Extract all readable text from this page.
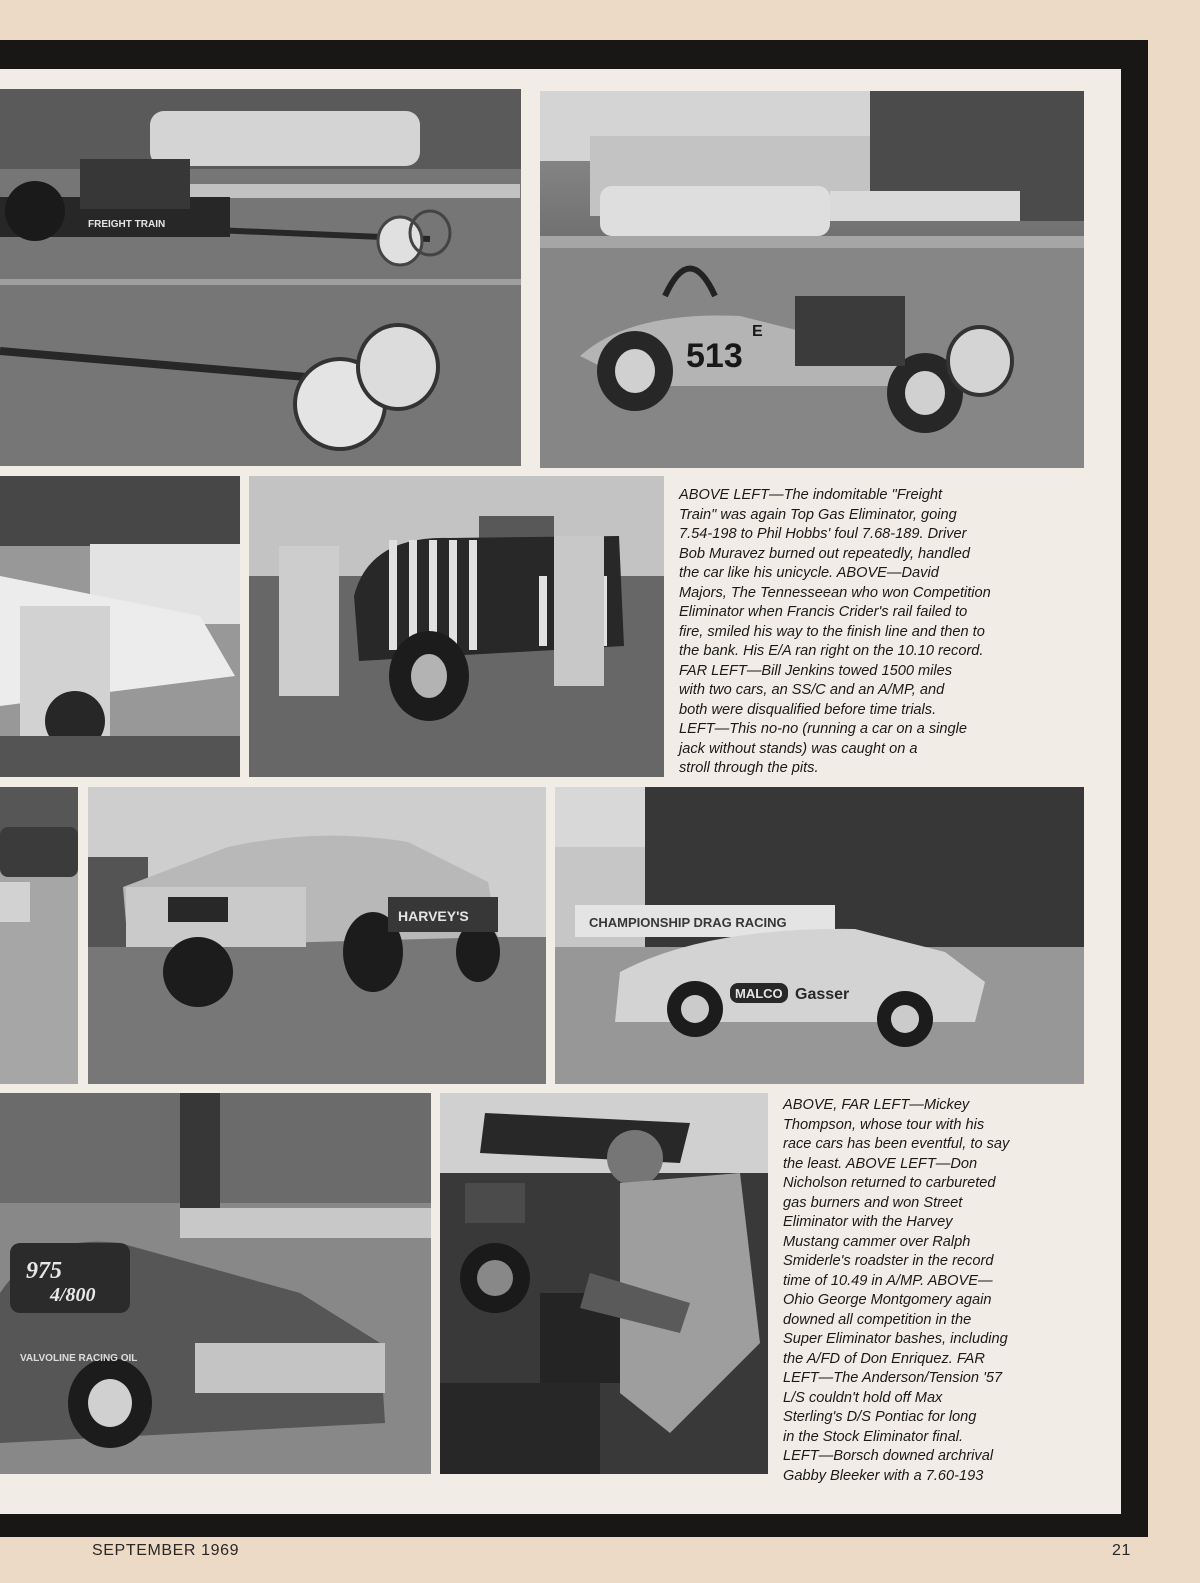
FREIGHT TRAIN
513
E

ABOVE LEFT—The indomitable "Freight
Train" was again Top Gas Eliminator, going
7.54-198 to Phil Hobbs' foul 7.68-189. Driver
Bob Muravez burned out repeatedly, handled
the car like his unicycle. ABOVE—David
Majors, The Tennesseean who won Competition
Eliminator when Francis Crider's rail failed to
fire, smiled his way to the finish line and then to
the bank. His E/A ran right on the 10.10 record.
FAR LEFT—Bill Jenkins towed 1500 miles
with two cars, an SS/C and an A/MP, and
both were disqualified before time trials.
LEFT—This no-no (running a car on a single
jack without stands) was caught on a
stroll through the pits.

HARVEY'S	CHAMPIONSHIP DRAG RACING
MALCO Gasser
975
4/800
VALVOLINE RACING OIL

ABOVE, FAR LEFT—Mickey
Thompson, whose tour with his
race cars has been eventful, to say
the least. ABOVE LEFT—Don
Nicholson returned to carbureted
gas burners and won Street
Eliminator with the Harvey
Mustang cammer over Ralph
Smiderle's roadster in the record
time of 10.49 in A/MP. ABOVE—
Ohio George Montgomery again
downed all competition in the
Super Eliminator bashes, including
the A/FD of Don Enriquez. FAR
LEFT—The Anderson/Tension '57
L/S couldn't hold off Max
Sterling's D/S Pontiac for long
in the Stock Eliminator final.
LEFT—Borsch downed archrival
Gabby Bleeker with a 7.60-193

SEPTEMBER 1969	21
